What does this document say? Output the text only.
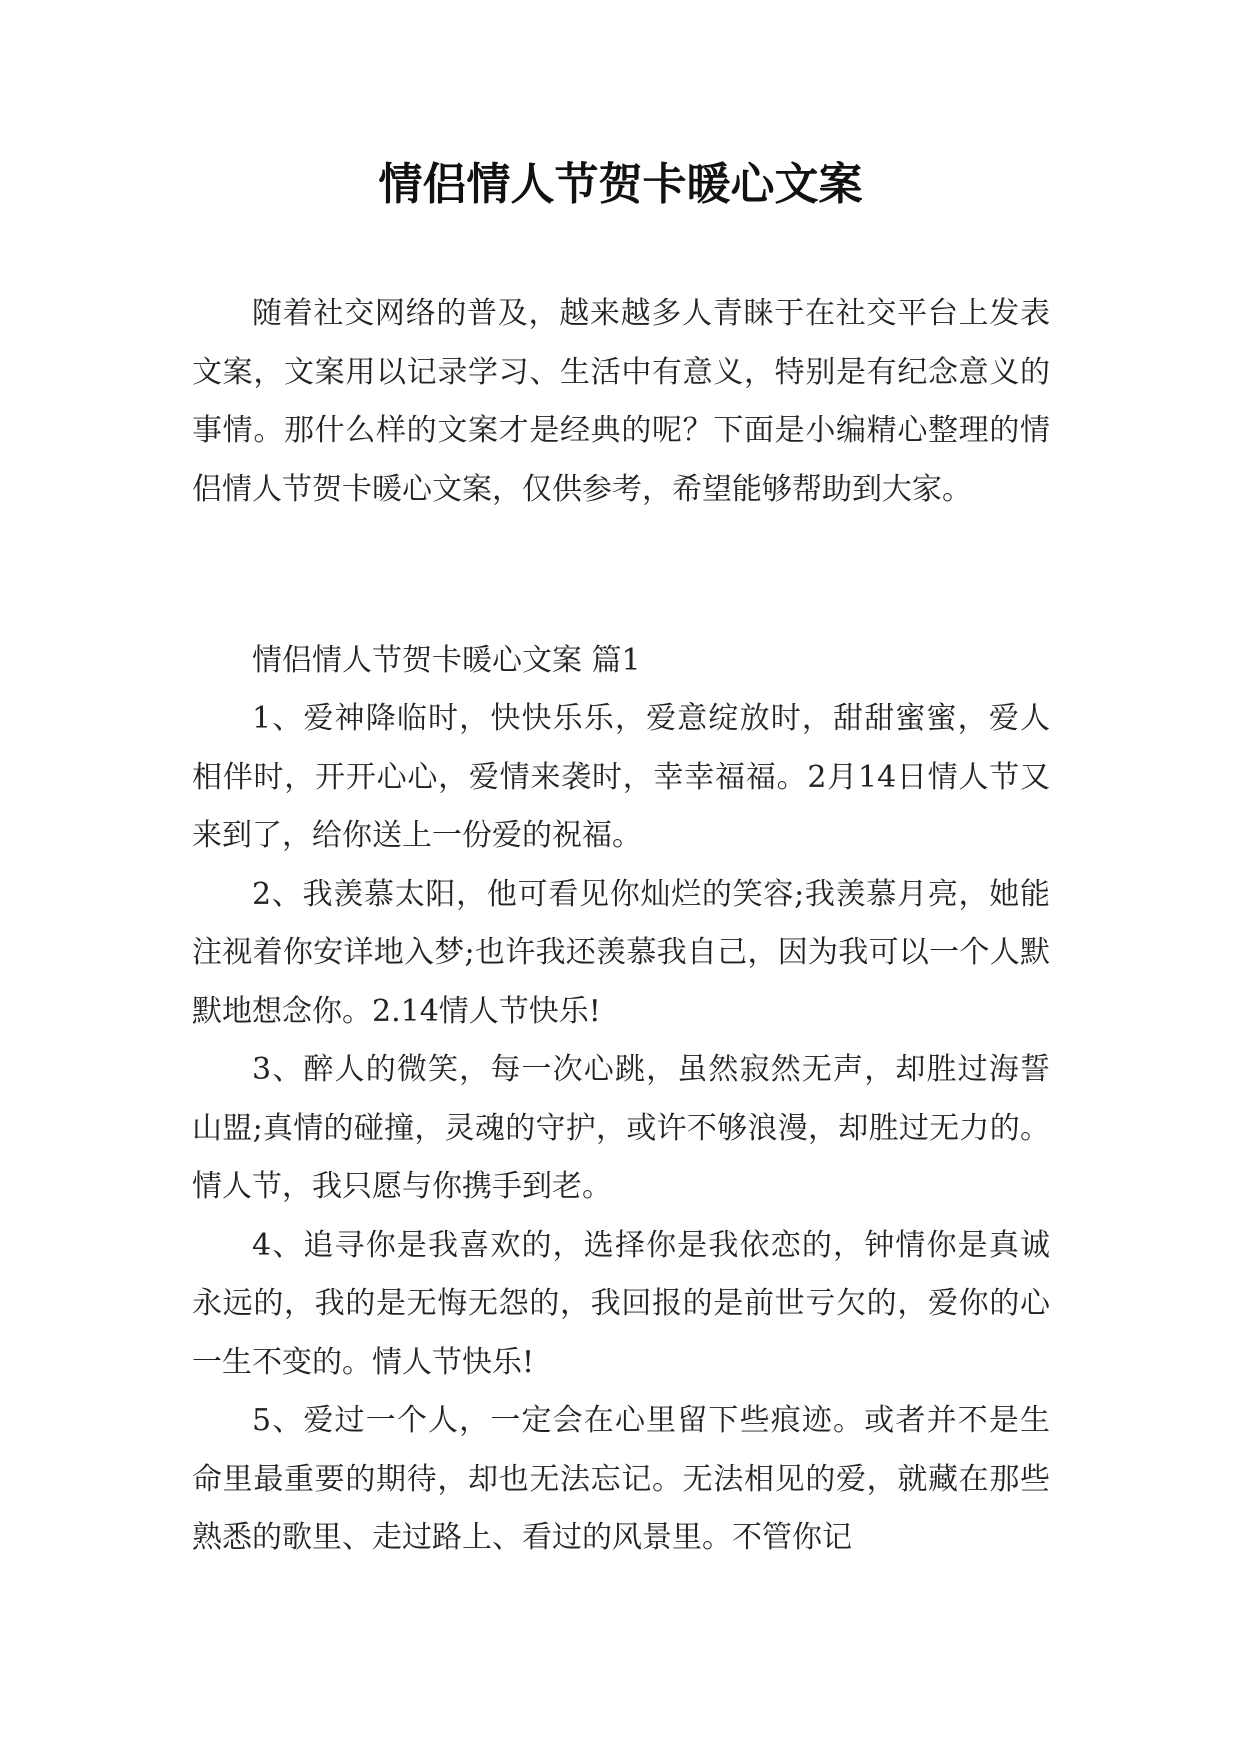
情侣情人节贺卡暖心文案

随着社交网络的普及，越来越多人青睐于在社交平台上发表文案，文案用以记录学习、生活中有意义，特别是有纪念意义的事情。那什么样的文案才是经典的呢？下面是小编精心整理的情侣情人节贺卡暖心文案，仅供参考，希望能够帮助到大家。

情侣情人节贺卡暖心文案 篇1

1、爱神降临时，快快乐乐，爱意绽放时，甜甜蜜蜜，爱人相伴时，开开心心，爱情来袭时，幸幸福福。2月14日情人节又来到了，给你送上一份爱的祝福。

2、我羡慕太阳，他可看见你灿烂的笑容;我羡慕月亮，她能注视着你安详地入梦;也许我还羡慕我自己，因为我可以一个人默默地想念你。2.14情人节快乐!

3、醉人的微笑，每一次心跳，虽然寂然无声，却胜过海誓山盟;真情的碰撞，灵魂的守护，或许不够浪漫，却胜过无力的。情人节，我只愿与你携手到老。

4、追寻你是我喜欢的，选择你是我依恋的，钟情你是真诚永远的，我的是无悔无怨的，我回报的是前世亏欠的，爱你的心一生不变的。情人节快乐!

5、爱过一个人，一定会在心里留下些痕迹。或者并不是生命里最重要的期待，却也无法忘记。无法相见的爱，就藏在那些熟悉的歌里、走过路上、看过的风景里。不管你记
